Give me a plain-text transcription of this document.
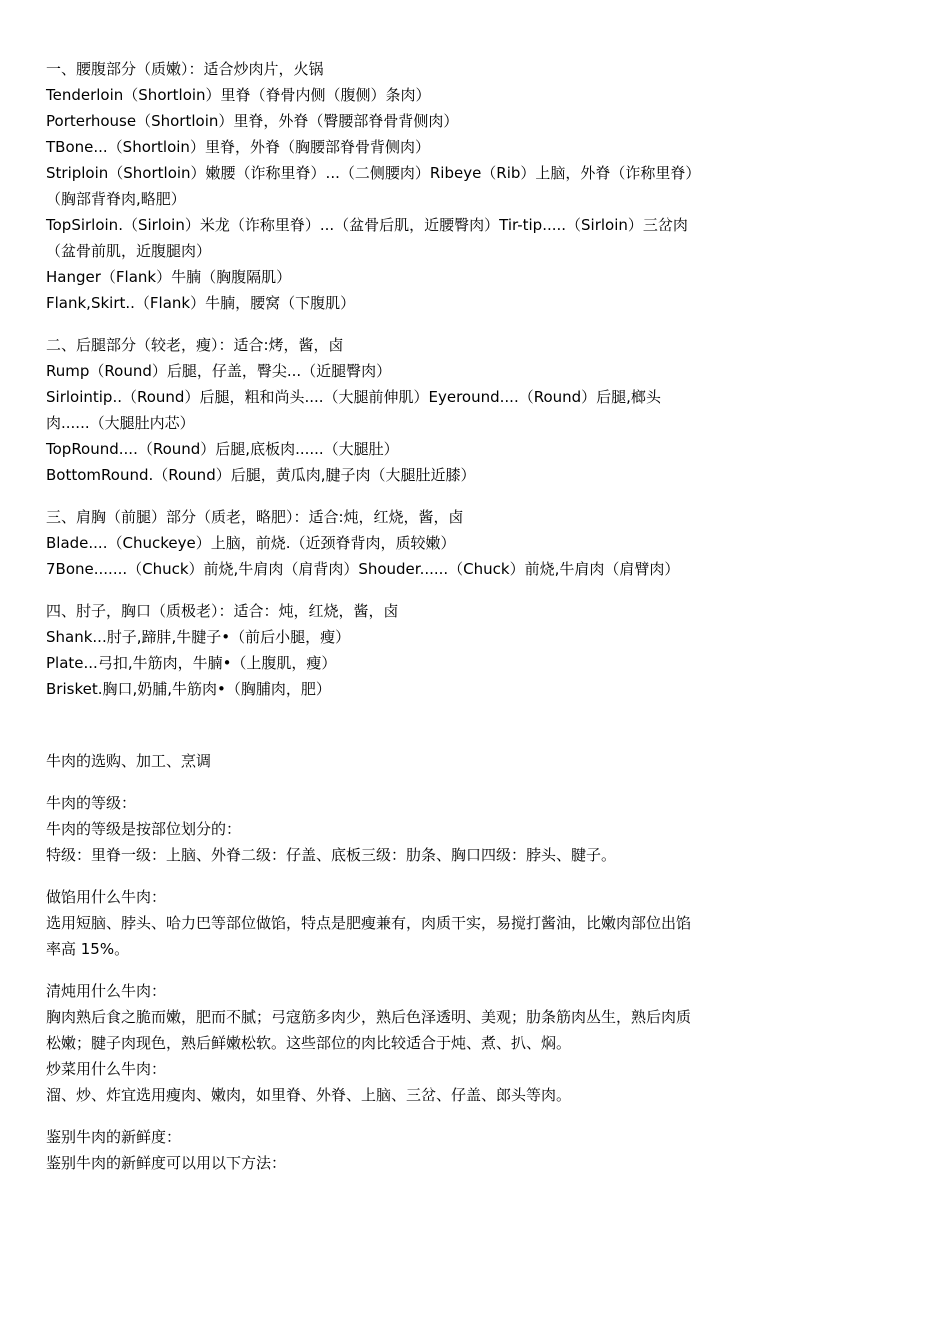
一、腰腹部分（质嫩）：适合炒肉片，火锅

Tenderloin（Shortloin）里脊（脊骨内侧（腹侧）条肉）

Porterhouse（Shortloin）里脊，外脊（臀腰部脊骨背侧肉）

TBone...（Shortloin）里脊，外脊（胸腰部脊骨背侧肉）

Striploin（Shortloin）嫩腰（诈称里脊）...（二侧腰肉）Ribeye（Rib）上脑，外脊（诈称里脊）（胸部背脊肉,略肥）

TopSirloin.（Sirloin）米龙（诈称里脊）...（盆骨后肌，近腰臀肉）Tir-tip.....（Sirloin）三岔肉（盆骨前肌，近腹腿肉）

Hanger（Flank）牛腩（胸腹隔肌）

Flank,Skirt..（Flank）牛腩，腰窝（下腹肌）

二、后腿部分（较老，瘦）：适合:烤，酱，卤

Rump（Round）后腿，仔盖，臀尖...（近腿臀肉）

Sirlointip..（Round）后腿，粗和尚头....（大腿前伸肌）Eyeround....（Round）后腿,榔头肉......（大腿肚内芯）

TopRound....（Round）后腿,底板肉......（大腿肚）

BottomRound.（Round）后腿，黄瓜肉,腱子肉（大腿肚近膝）

三、肩胸（前腿）部分（质老，略肥）：适合:炖，红烧，酱，卤

Blade....（Chuckeye）上脑，前烧.（近颈脊背肉，质较嫩）

7Bone.......（Chuck）前烧,牛肩肉（肩背肉）Shouder......（Chuck）前烧,牛肩肉（肩臂肉）

四、肘子，胸口（质极老）：适合：炖，红烧，酱，卤

Shank...肘子,蹄肨,牛腱子•（前后小腿，瘦）

Plate...弓扣,牛筋肉，牛腩•（上腹肌，瘦）

Brisket.胸口,奶脯,牛筋肉•（胸脯肉，肥）

牛肉的选购、加工、烹调

牛肉的等级：

牛肉的等级是按部位划分的：

特级：里脊一级：上脑、外脊二级：仔盖、底板三级：肋条、胸口四级：脖头、腱子。

做馅用什么牛肉：

选用短脑、脖头、哈力巴等部位做馅，特点是肥瘦兼有，肉质干实，易搅打酱油，比嫩肉部位出馅率高 15%。

清炖用什么牛肉：

胸肉熟后食之脆而嫩，肥而不腻；弓寇筋多肉少，熟后色泽透明、美观；肋条筋肉丛生，熟后肉质松嫩；腱子肉现色，熟后鲜嫩松软。这些部位的肉比较适合于炖、煮、扒、焖。

炒菜用什么牛肉：

溜、炒、炸宜选用瘦肉、嫩肉，如里脊、外脊、上脑、三岔、仔盖、郎头等肉。

鉴别牛肉的新鲜度：

鉴别牛肉的新鲜度可以用以下方法：
